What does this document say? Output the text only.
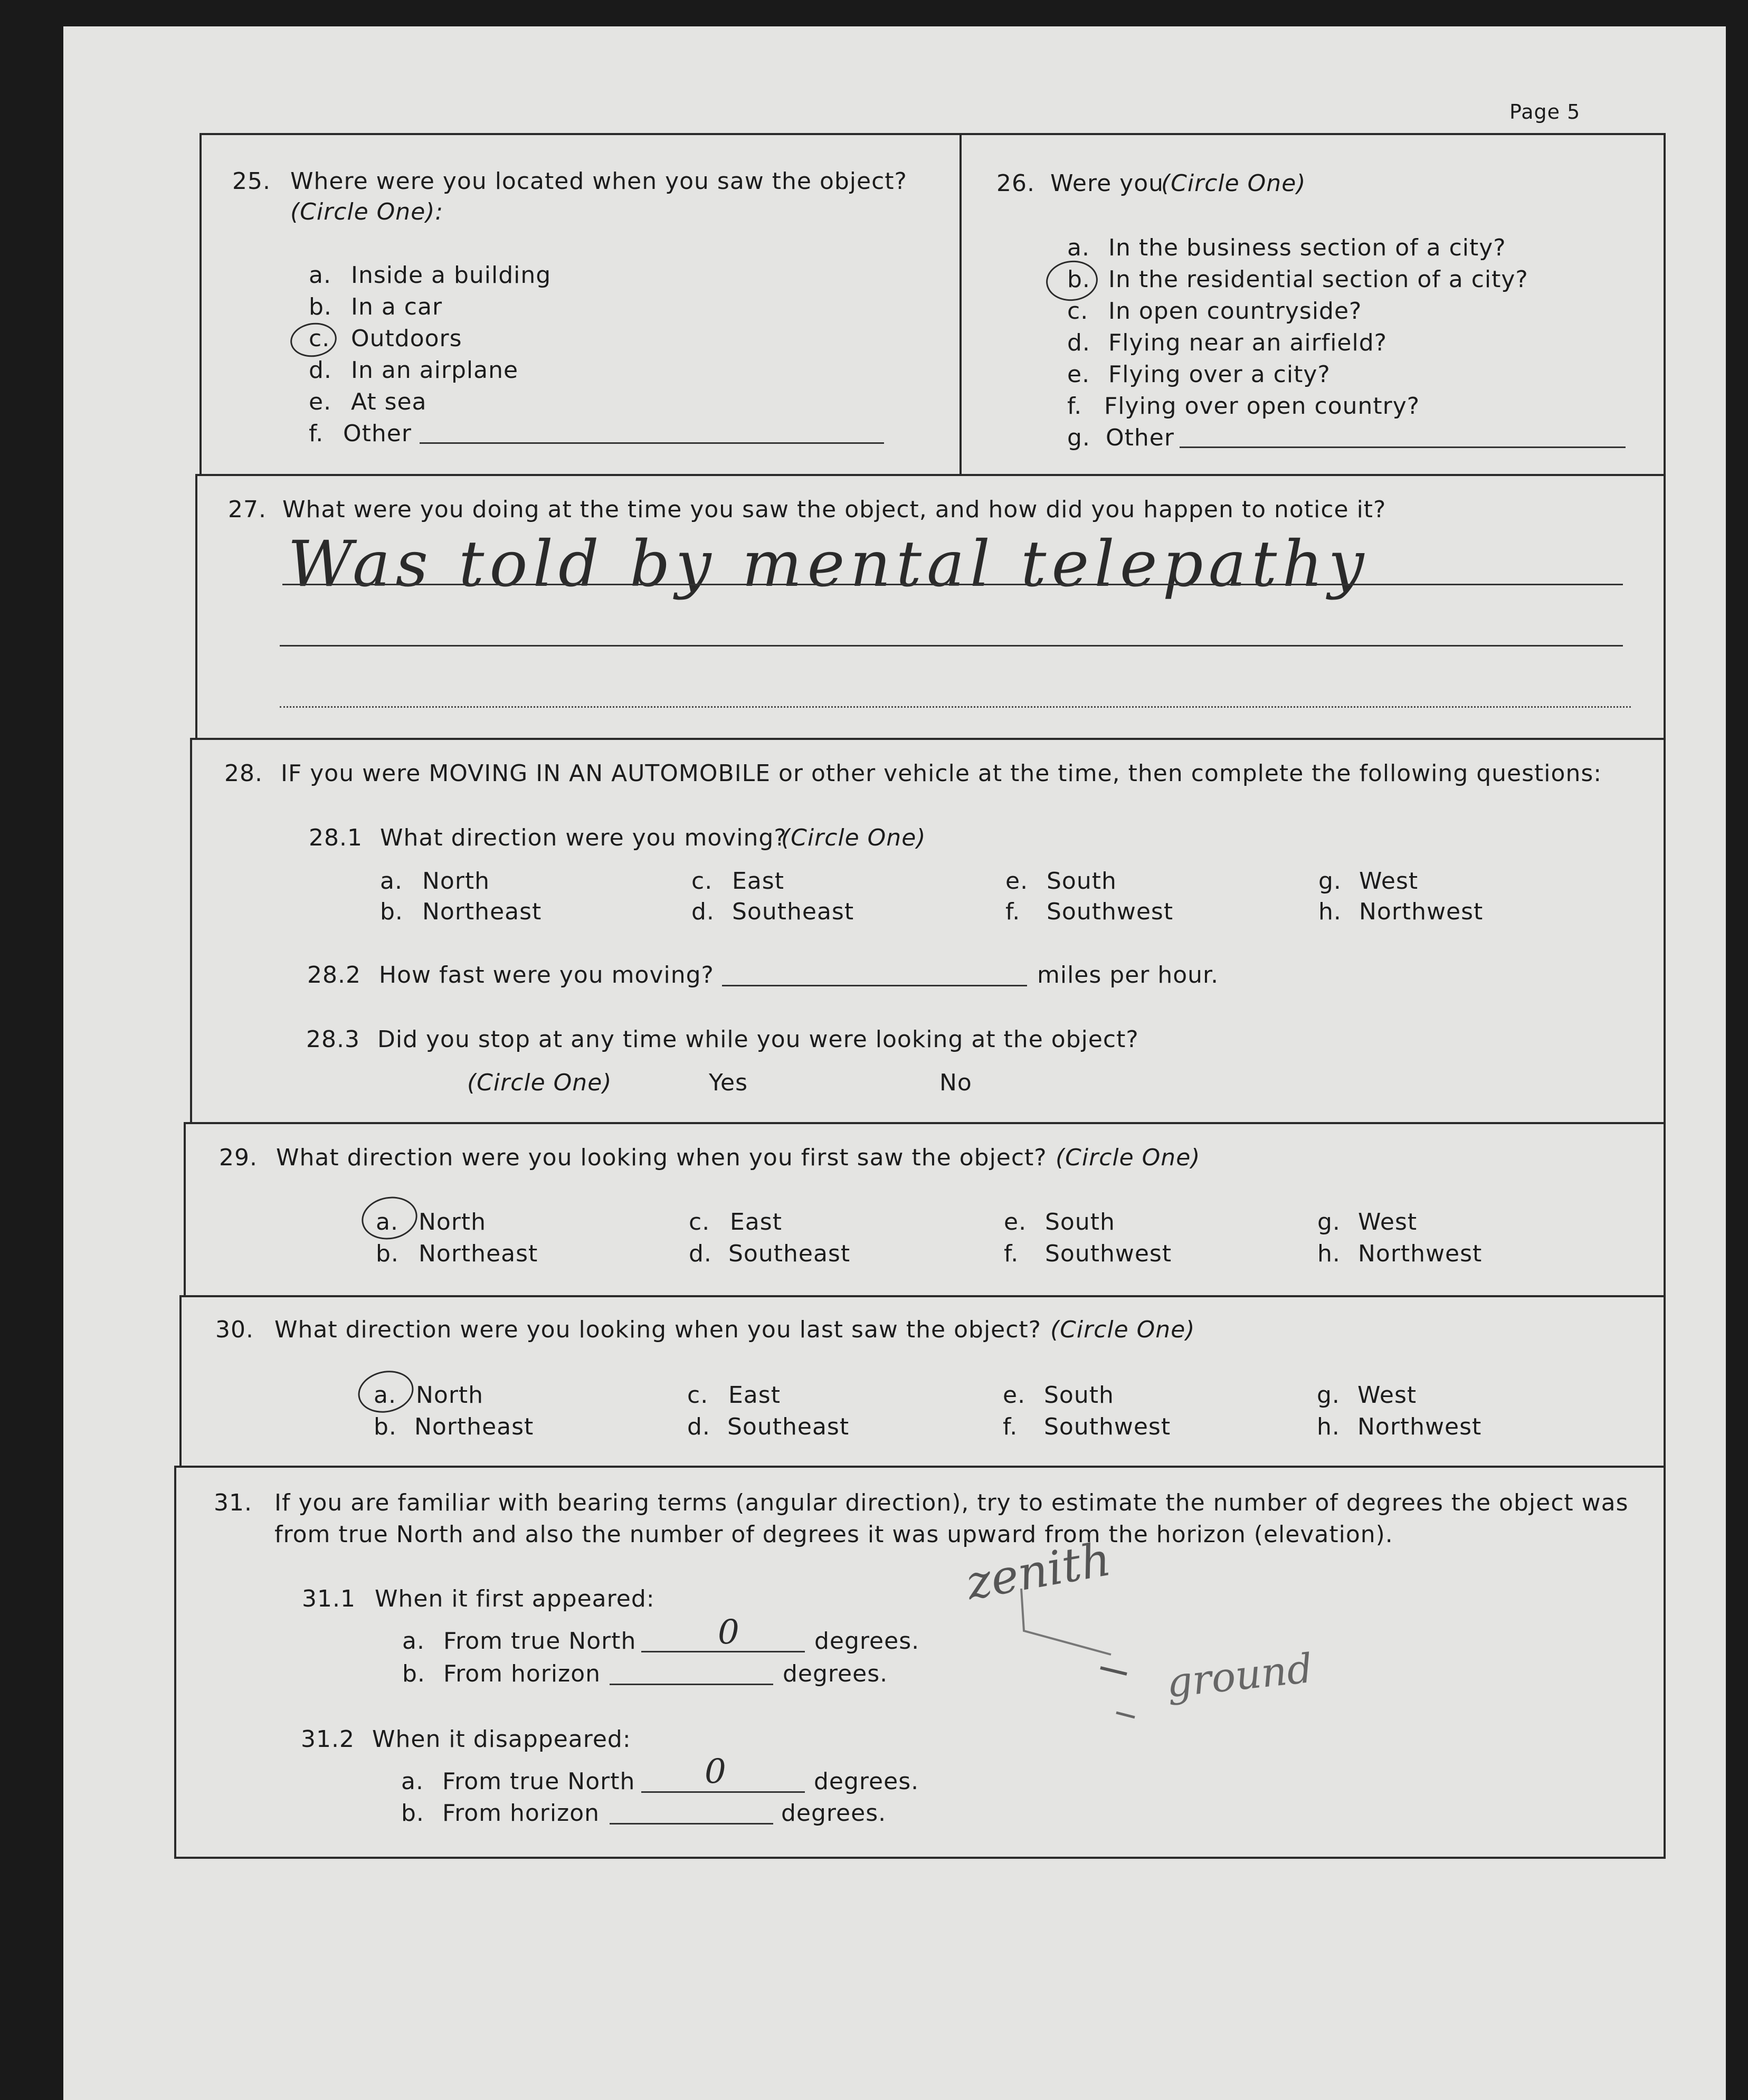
Page 5
25. Where were you located when you saw the object?
(Circle One):
a. Inside a building
b. In a car
c. Outdoors
d. In an airplane
e. At sea
f. Other
26. Were you
(Circle One)
a. In the business section of a city?
b. In the residential section of a city?
c. In open countryside?
d. Flying near an airfield?
e. Flying over a city?
f. Flying over open country?
g. Other
27. What were you doing at the time you saw the object, and how did you happen to notice it?
Was told by mental telepathy
28. IF you were MOVING IN AN AUTOMOBILE or other vehicle at the time, then complete the following questions:
28.1 What direction were you moving?
(Circle One)
a. North
b. Northeast
c. East
d. Southeast
e. South
f. Southwest
g. West
h. Northwest
28.2 How fast were you moving?	miles per hour.
28.3 Did you stop at any time while you were looking at the object?
(Circle One)	Yes	No
29. What direction were you looking when you first saw the object? (Circle One)
a. North
b. Northeast
c. East
d. Southeast
e. South
f. Southwest
g. West
h. Northwest
30. What direction were you looking when you last saw the object? (Circle One)
a. North
b. Northeast
c. East
d. Southeast
e. South
f. Southwest
g. West
h. Northwest
31. If you are familiar with bearing terms (angular direction), try to estimate the number of degrees the object was
from true North and also the number of degrees it was upward from the horizon (elevation).
31.1 When it first appeared:
a. From true North 0	degrees.
b. From horizon	degrees.
31.2 When it disappeared:
a. From true North 0	degrees.
b. From horizon	degrees.
zenith
ground
